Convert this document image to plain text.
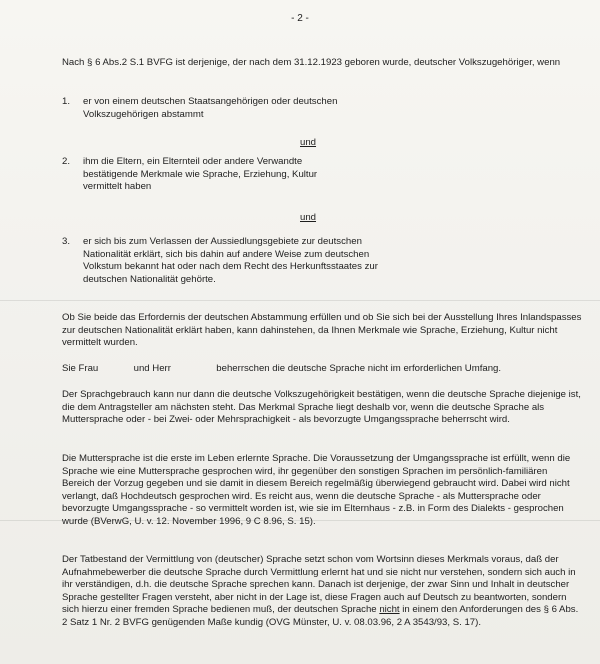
- 2 -

Nach § 6 Abs.2 S.1 BVFG ist derjenige, der nach dem 31.12.1923 geboren wurde, deutscher Volkszugehöriger, wenn

1. er von einem deutschen Staatsangehörigen oder deutschen Volkszugehörigen abstammt
und
2. ihm die Eltern, ein Elternteil oder andere Verwandte bestätigende Merkmale wie Sprache, Erziehung, Kultur vermittelt haben
und
3. er sich bis zum Verlassen der Aussiedlungsgebiete zur deutschen Nationalität erklärt, sich bis dahin auf andere Weise zum deutschen Volkstum bekannt hat oder nach dem Recht des Herkunftsstaates zur deutschen Nationalität gehörte.

Ob Sie beide das Erfordernis der deutschen Abstammung erfüllen und ob Sie sich bei der Ausstellung Ihres Inlandspasses zur deutschen Nationalität erklärt haben, kann dahinstehen, da Ihnen Merkmale wie Sprache, Erziehung, Kultur nicht vermittelt wurden.

Sie Frau	und Herr	beherrschen die deutsche Sprache nicht im erforderlichen Umfang.

Der Sprachgebrauch kann nur dann die deutsche Volkszugehörigkeit bestätigen, wenn die deutsche Sprache diejenige ist, die dem Antragsteller am nächsten steht. Das Merkmal Sprache liegt deshalb vor, wenn die deutsche Sprache als Muttersprache oder - bei Zwei- oder Mehrsprachigkeit - als bevorzugte Umgangssprache beherrscht wird.

Die Muttersprache ist die erste im Leben erlernte Sprache. Die Voraussetzung der Umgangssprache ist erfüllt, wenn die Sprache wie eine Muttersprache gesprochen wird, ihr gegenüber den sonstigen Sprachen im persönlich-familiären Bereich der Vorzug gegeben und sie damit in diesem Bereich regelmäßig überwiegend gebraucht wird. Dabei wird nicht verlangt, daß Hochdeutsch gesprochen wird. Es reicht aus, wenn die deutsche Sprache - als Muttersprache oder bevorzugte Umgangssprache - so vermittelt worden ist, wie sie im Elternhaus - z.B. in Form des Dialekts - gesprochen wurde (BVerwG, U. v. 12. November 1996, 9 C 8.96, S. 15).

Der Tatbestand der Vermittlung von (deutscher) Sprache setzt schon vom Wortsinn dieses Merkmals voraus, daß der Aufnahmebewerber die deutsche Sprache durch Vermittlung erlernt hat und sie nicht nur verstehen, sondern sich auch in ihr verständigen, d.h. die deutsche Sprache sprechen kann. Danach ist derjenige, der zwar Sinn und Inhalt in deutscher Sprache gestellter Fragen versteht, aber nicht in der Lage ist, diese Fragen auch auf Deutsch zu beantworten, sondern sich hierzu einer fremden Sprache bedienen muß, der deutschen Sprache nicht in einem den Anforderungen des § 6 Abs. 2 Satz 1 Nr. 2 BVFG genügenden Maße kundig (OVG Münster, U. v. 08.03.96, 2 A 3543/93, S. 17).
